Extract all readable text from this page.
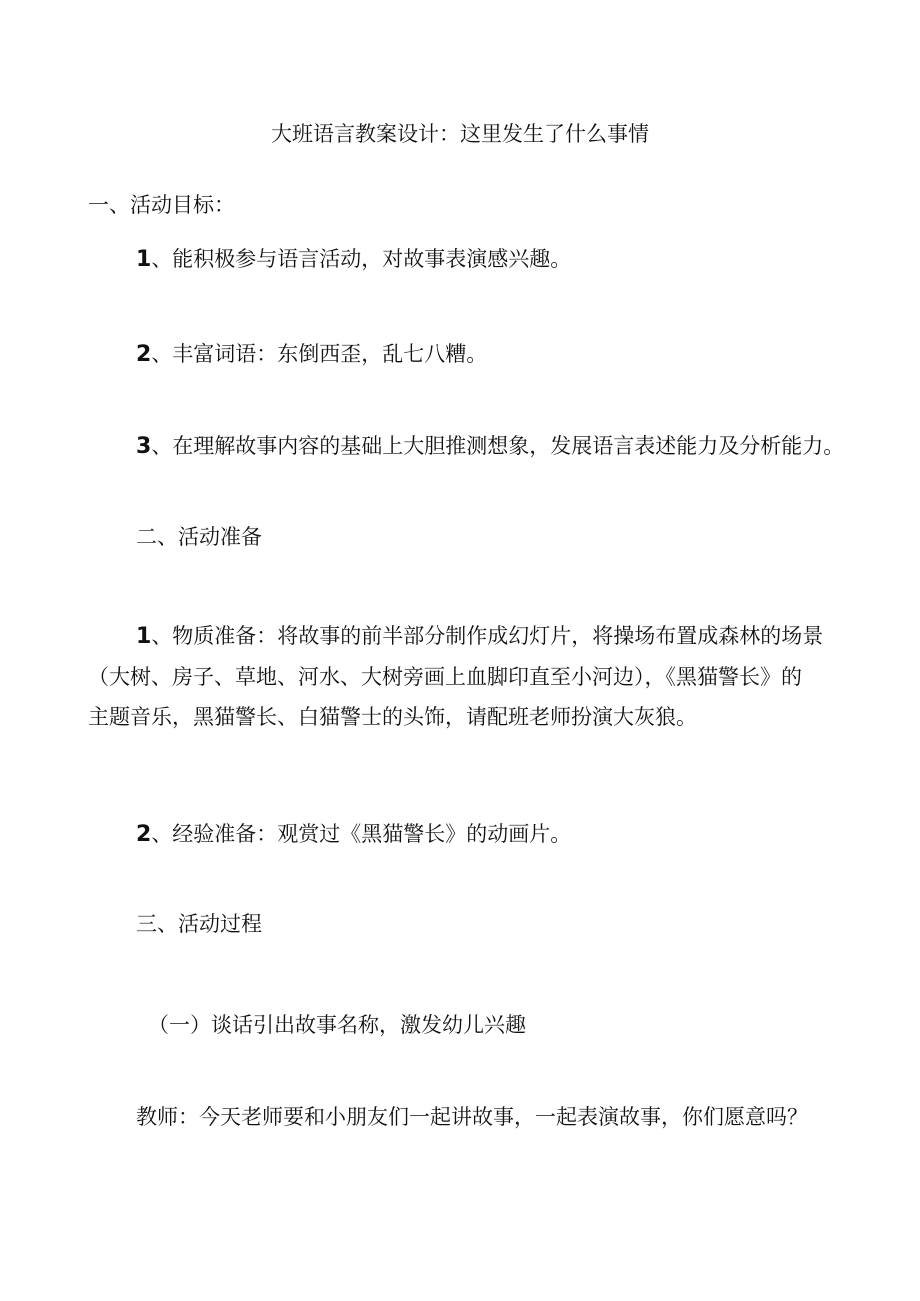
大班语言教案设计：这里发生了什么事情
一、活动目标：
1、能积极参与语言活动，对故事表演感兴趣。
2、丰富词语：东倒西歪，乱七八糟。
3、在理解故事内容的基础上大胆推测想象，发展语言表述能力及分析能力。
二、活动准备
1、物质准备：将故事的前半部分制作成幻灯片，将操场布置成森林的场景
（大树、房子、草地、河水、大树旁画上血脚印直至小河边），《黑猫警长》的
主题音乐，黑猫警长、白猫警士的头饰，请配班老师扮演大灰狼。
2、经验准备：观赏过《黑猫警长》的动画片。
三、活动过程
（一）谈话引出故事名称，激发幼儿兴趣
教师：今天老师要和小朋友们一起讲故事，一起表演故事，你们愿意吗？
